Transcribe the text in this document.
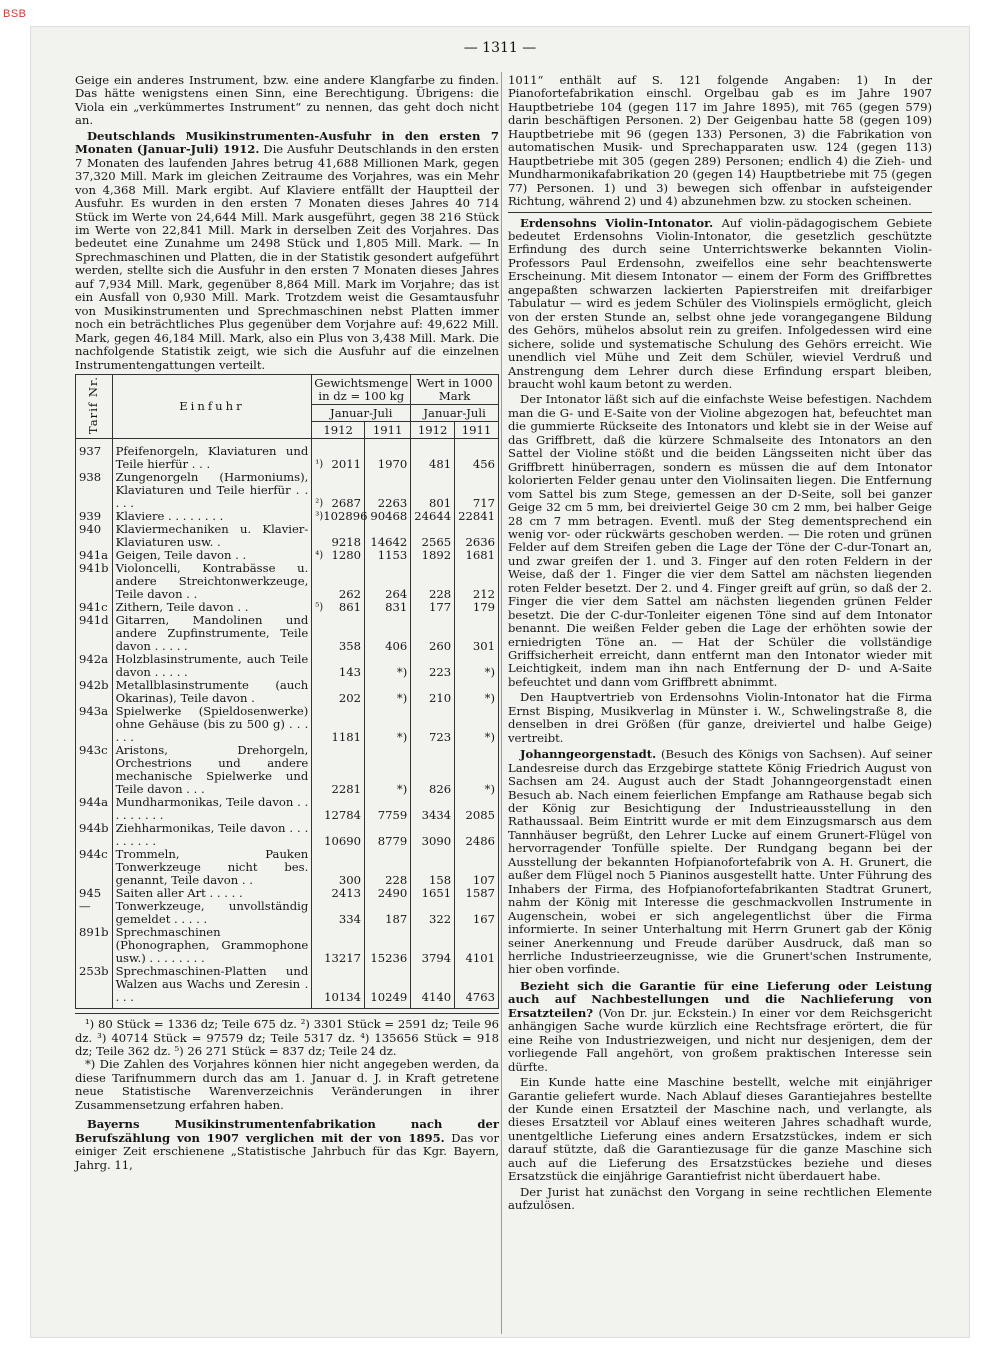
BSB
— 1311 —

Geige ein anderes Instrument, bzw. eine andere Klangfarbe zu finden. Das hätte wenigstens einen Sinn, eine Berechtigung. Übrigens: die Viola ein „verkümmertes Instrument“ zu nennen, das geht doch nicht an.

Deutschlands Musikinstrumenten-Ausfuhr in den ersten 7 Monaten (Januar-Juli) 1912. Die Ausfuhr Deutschlands in den ersten 7 Monaten des laufenden Jahres betrug 41,688 Millionen Mark, gegen 37,320 Mill. Mark im gleichen Zeitraume des Vorjahres, was ein Mehr von 4,368 Mill. Mark ergibt. Auf Klaviere entfällt der Hauptteil der Ausfuhr. Es wurden in den ersten 7 Monaten dieses Jahres 40 714 Stück im Werte von 24,644 Mill. Mark ausgeführt, gegen 38 216 Stück im Werte von 22,841 Mill. Mark in derselben Zeit des Vorjahres. Das bedeutet eine Zunahme um 2498 Stück und 1,805 Mill. Mark. — In Sprechmaschinen und Platten, die in der Statistik gesondert aufgeführt werden, stellte sich die Ausfuhr in den ersten 7 Monaten dieses Jahres auf 7,934 Mill. Mark, gegenüber 8,864 Mill. Mark im Vorjahre; das ist ein Ausfall von 0,930 Mill. Mark. Trotzdem weist die Gesamtausfuhr von Musikinstrumenten und Sprechmaschinen nebst Platten immer noch ein beträchtliches Plus gegenüber dem Vorjahre auf: 49,622 Mill. Mark, gegen 46,184 Mill. Mark, also ein Plus von 3,438 Mill. Mark. Die nachfolgende Statistik zeigt, wie sich die Ausfuhr auf die einzelnen Instrumentengattungen verteilt.

Tarif Nr.	Einfuhr	Gewichtsmenge in dz = 100 kg		Wert in 1000 Mark	
		Januar-Juli		Januar-Juli	
		1912	1911	1912	1911
937	Pfeifenorgeln, Klaviaturen und Teile hierfür . . .	¹) 2011	1970	481	456
938	Zungenorgeln (Harmoniums), Klaviaturen und Teile hierfür . . . . .	²) 2687	2263	801	717
939	Klaviere . . . . . . . .	³) 102896	90468	24644	22841
940	Klaviermechaniken u. Klavier-Klaviaturen usw. .	9218	14642	2565	2636
941a	Geigen, Teile davon . .	⁴) 1280	1153	1892	1681
941b	Violoncelli, Kontrabässe u. andere Streichtonwerkzeuge, Teile davon . .	262	264	228	212
941c	Zithern, Teile davon . .	⁵) 861	831	177	179
941d	Gitarren, Mandolinen und andere Zupfinstrumente, Teile davon . . . . .	358	406	260	301
942a	Holzblasinstrumente, auch Teile davon . . . . .	143	*)	223	*)
942b	Metallblasinstrumente (auch Okarinas), Teile davon .	202	*)	210	*)
943a	Spielwerke (Spieldosenwerke) ohne Gehäuse (bis zu 500 g) . . . . . .	1181	*)	723	*)
943c	Aristons, Drehorgeln, Orchestrions und andere mechanische Spielwerke und Teile davon . . .	2281	*)	826	*)
944a	Mundharmonikas, Teile davon . . . . . . . . .	12784	7759	3434	2085
944b	Ziehharmonikas, Teile davon . . . . . . . . .	10690	8779	3090	2486
944c	Trommeln, Pauken Tonwerkzeuge nicht bes. genannt, Teile davon . .	300	228	158	107
945	Saiten aller Art . . . . .	2413	2490	1651	1587
—	Tonwerkzeuge, unvollständig gemeldet . . . . .	334	187	322	167
891b	Sprechmaschinen (Phonographen, Grammophone usw.) . . . . . . . .	13217	15236	3794	4101
253b	Sprechmaschinen-Platten und Walzen aus Wachs und Zeresin . . . .	10134	10249	4140	4763

¹) 80 Stück = 1336 dz; Teile 675 dz. ²) 3301 Stück = 2591 dz; Teile 96 dz. ³) 40714 Stück = 97579 dz; Teile 5317 dz. ⁴) 135656 Stück = 918 dz; Teile 362 dz. ⁵) 26 271 Stück = 837 dz; Teile 24 dz.

*) Die Zahlen des Vorjahres können hier nicht angegeben werden, da diese Tarifnummern durch das am 1. Januar d. J. in Kraft getretene neue Statistische Warenverzeichnis Veränderungen in ihrer Zusammensetzung erfahren haben.

Bayerns Musikinstrumentenfabrikation nach der Berufszählung von 1907 verglichen mit der von 1895. Das vor einiger Zeit erschienene „Statistische Jahrbuch für das Kgr. Bayern, Jahrg. 11,

1011“ enthält auf S. 121 folgende Angaben: 1) In der Pianofortefabrikation einschl. Orgelbau gab es im Jahre 1907 Hauptbetriebe 104 (gegen 117 im Jahre 1895), mit 765 (gegen 579) darin beschäftigen Personen. 2) Der Geigenbau hatte 58 (gegen 109) Hauptbetriebe mit 96 (gegen 133) Personen, 3) die Fabrikation von automatischen Musik- und Sprechapparaten usw. 124 (gegen 113) Hauptbetriebe mit 305 (gegen 289) Personen; endlich 4) die Zieh- und Mundharmonikafabrikation 20 (gegen 14) Hauptbetriebe mit 75 (gegen 77) Personen. 1) und 3) bewegen sich offenbar in aufsteigender Richtung, während 2) und 4) abzunehmen bzw. zu stocken scheinen.

Erdensohns Violin-Intonator. Auf violin-pädagogischem Gebiete bedeutet Erdensohns Violin-Intonator, die gesetzlich geschützte Erfindung des durch seine Unterrichtswerke bekannten Violin-Professors Paul Erdensohn, zweifellos eine sehr beachtenswerte Erscheinung. Mit diesem Intonator — einem der Form des Griffbrettes angepaßten schwarzen lackierten Papierstreifen mit dreifarbiger Tabulatur — wird es jedem Schüler des Violinspiels ermöglicht, gleich von der ersten Stunde an, selbst ohne jede vorangegangene Bildung des Gehörs, mühelos absolut rein zu greifen. Infolgedessen wird eine sichere, solide und systematische Schulung des Gehörs erreicht. Wie unendlich viel Mühe und Zeit dem Schüler, wieviel Verdruß und Anstrengung dem Lehrer durch diese Erfindung erspart bleiben, braucht wohl kaum betont zu werden.

Der Intonator läßt sich auf die einfachste Weise befestigen. Nachdem man die G- und E-Saite von der Violine abgezogen hat, befeuchtet man die gummierte Rückseite des Intonators und klebt sie in der Weise auf das Griffbrett, daß die kürzere Schmalseite des Intonators an den Sattel der Violine stößt und die beiden Längsseiten nicht über das Griffbrett hinüberragen, sondern es müssen die auf dem Intonator kolorierten Felder genau unter den Violinsaiten liegen. Die Entfernung vom Sattel bis zum Stege, gemessen an der D-Seite, soll bei ganzer Geige 32 cm 5 mm, bei dreiviertel Geige 30 cm 2 mm, bei halber Geige 28 cm 7 mm betragen. Eventl. muß der Steg dementsprechend ein wenig vor- oder rückwärts geschoben werden. — Die roten und grünen Felder auf dem Streifen geben die Lage der Töne der C-dur-Tonart an, und zwar greifen der 1. und 3. Finger auf den roten Feldern in der Weise, daß der 1. Finger die vier dem Sattel am nächsten liegenden roten Felder besetzt. Der 2. und 4. Finger greift auf grün, so daß der 2. Finger die vier dem Sattel am nächsten liegenden grünen Felder besetzt. Die der C-dur-Tonleiter eigenen Töne sind auf dem Intonator benannt. Die weißen Felder geben die Lage der erhöhten sowie der erniedrigten Töne an. — Hat der Schüler die vollständige Griffsicherheit erreicht, dann entfernt man den Intonator wieder mit Leichtigkeit, indem man ihn nach Entfernung der D- und A-Saite befeuchtet und dann vom Griffbrett abnimmt.

Den Hauptvertrieb von Erdensohns Violin-Intonator hat die Firma Ernst Bisping, Musikverlag in Münster i. W., Schwelingstraße 8, die denselben in drei Größen (für ganze, dreiviertel und halbe Geige) vertreibt.

Johanngeorgenstadt. (Besuch des Königs von Sachsen). Auf seiner Landesreise durch das Erzgebirge stattete König Friedrich August von Sachsen am 24. August auch der Stadt Johanngeorgenstadt einen Besuch ab. Nach einem feierlichen Empfange am Rathause begab sich der König zur Besichtigung der Industrieausstellung in den Rathaussaal. Beim Eintritt wurde er mit dem Einzugsmarsch aus dem Tannhäuser begrüßt, den Lehrer Lucke auf einem Grunert-Flügel von hervorragender Tonfülle spielte. Der Rundgang begann bei der Ausstellung der bekannten Hofpianofortefabrik von A. H. Grunert, die außer dem Flügel noch 5 Pianinos ausgestellt hatte. Unter Führung des Inhabers der Firma, des Hofpianofortefabrikanten Stadtrat Grunert, nahm der König mit Interesse die geschmackvollen Instrumente in Augenschein, wobei er sich angelegentlichst über die Firma informierte. In seiner Unterhaltung mit Herrn Grunert gab der König seiner Anerkennung und Freude darüber Ausdruck, daß man so herrliche Industrieerzeugnisse, wie die Grunert'schen Instrumente, hier oben vorfinde.

Bezieht sich die Garantie für eine Lieferung oder Leistung auch auf Nachbestellungen und die Nachlieferung von Ersatzteilen? (Von Dr. jur. Eckstein.) In einer vor dem Reichsgericht anhängigen Sache wurde kürzlich eine Rechtsfrage erörtert, die für eine Reihe von Industriezweigen, und nicht nur desjenigen, dem der vorliegende Fall angehört, von großem praktischen Interesse sein dürfte.

Ein Kunde hatte eine Maschine bestellt, welche mit einjähriger Garantie geliefert wurde. Nach Ablauf dieses Garantiejahres bestellte der Kunde einen Ersatzteil der Maschine nach, und verlangte, als dieses Ersatzteil vor Ablauf eines weiteren Jahres schadhaft wurde, unentgeltliche Lieferung eines andern Ersatzstückes, indem er sich darauf stützte, daß die Garantiezusage für die ganze Maschine sich auch auf die Lieferung des Ersatzstückes beziehe und dieses Ersatzstück die einjährige Garantiefrist nicht überdauert habe.

Der Jurist hat zunächst den Vorgang in seine rechtlichen Elemente aufzulösen.
